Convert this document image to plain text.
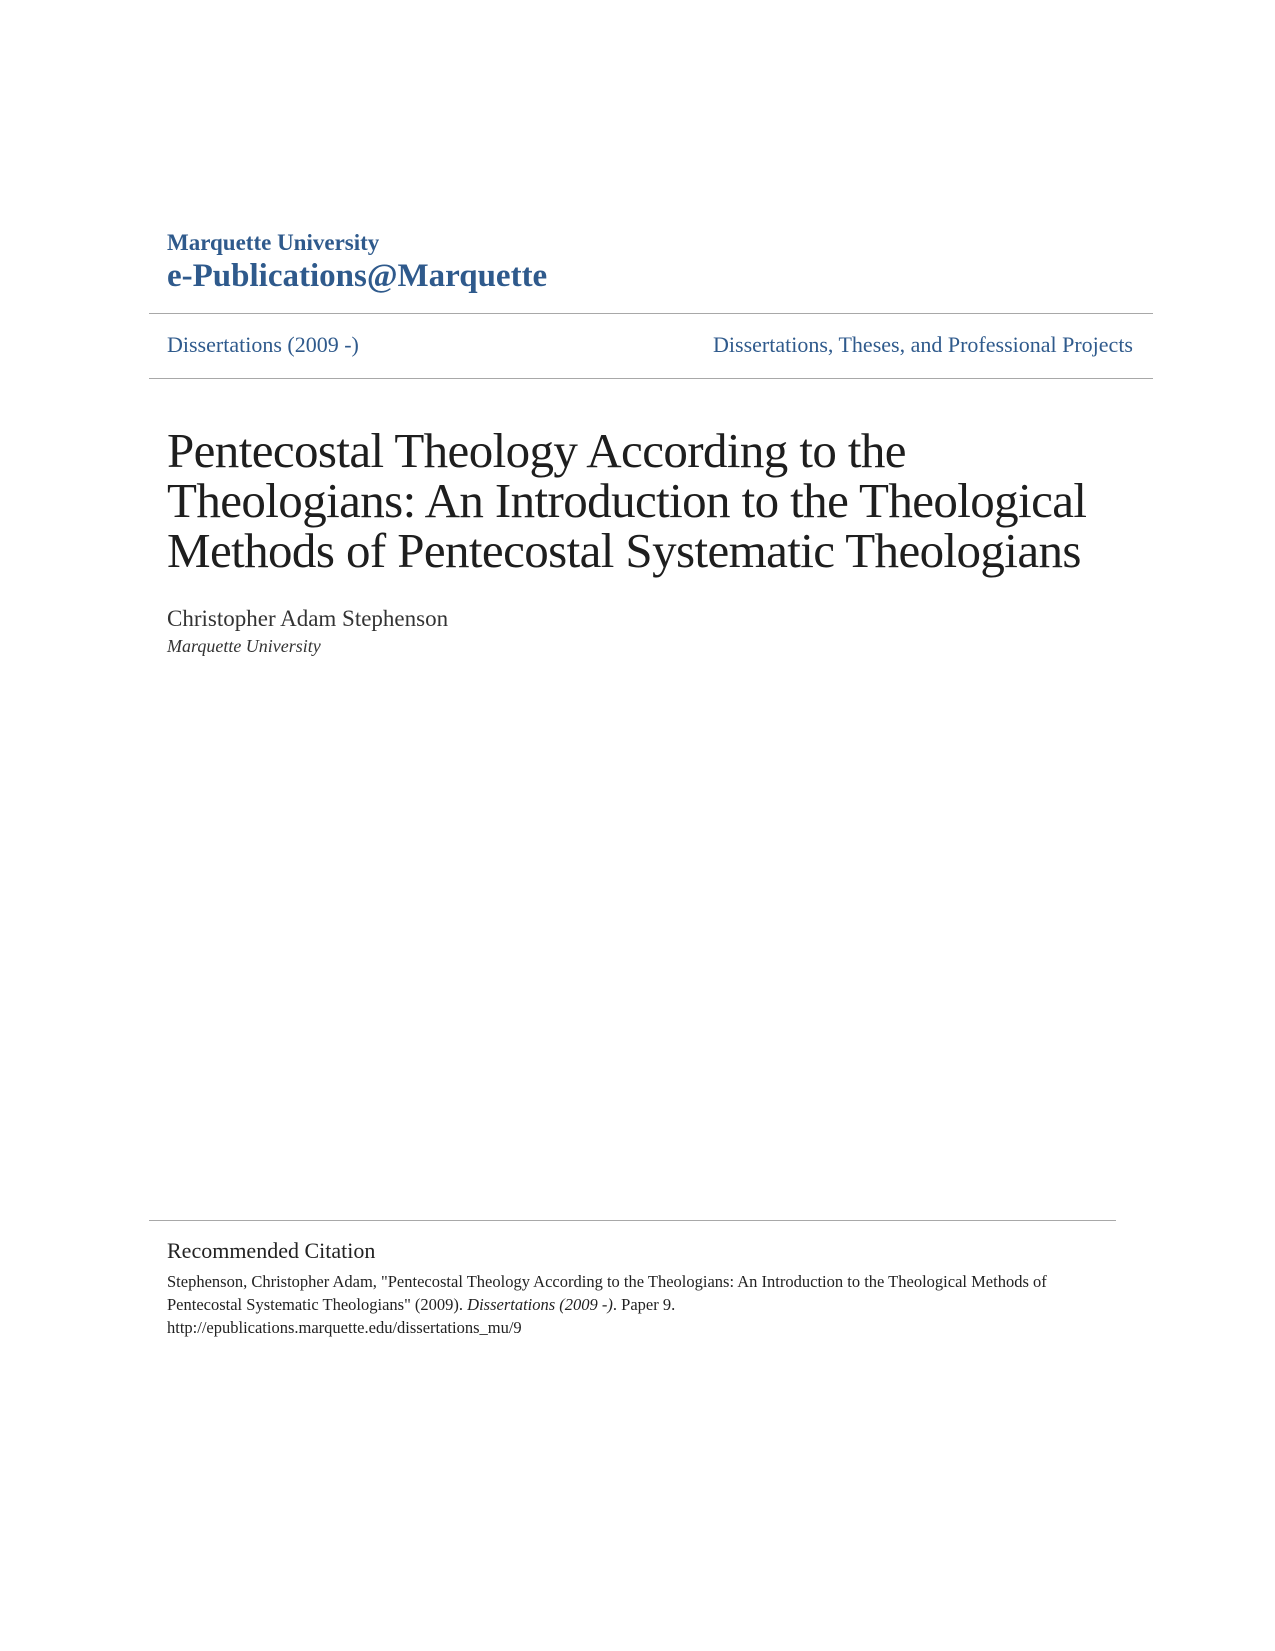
Marquette University
e-Publications@Marquette
Dissertations (2009 -)	Dissertations, Theses, and Professional Projects
Pentecostal Theology According to the
Theologians: An Introduction to the Theological
Methods of Pentecostal Systematic Theologians
Christopher Adam Stephenson
Marquette University
Recommended Citation
Stephenson, Christopher Adam, "Pentecostal Theology According to the Theologians: An Introduction to the Theological Methods of
Pentecostal Systematic Theologians" (2009). Dissertations (2009 -). Paper 9.
http://epublications.marquette.edu/dissertations_mu/9
